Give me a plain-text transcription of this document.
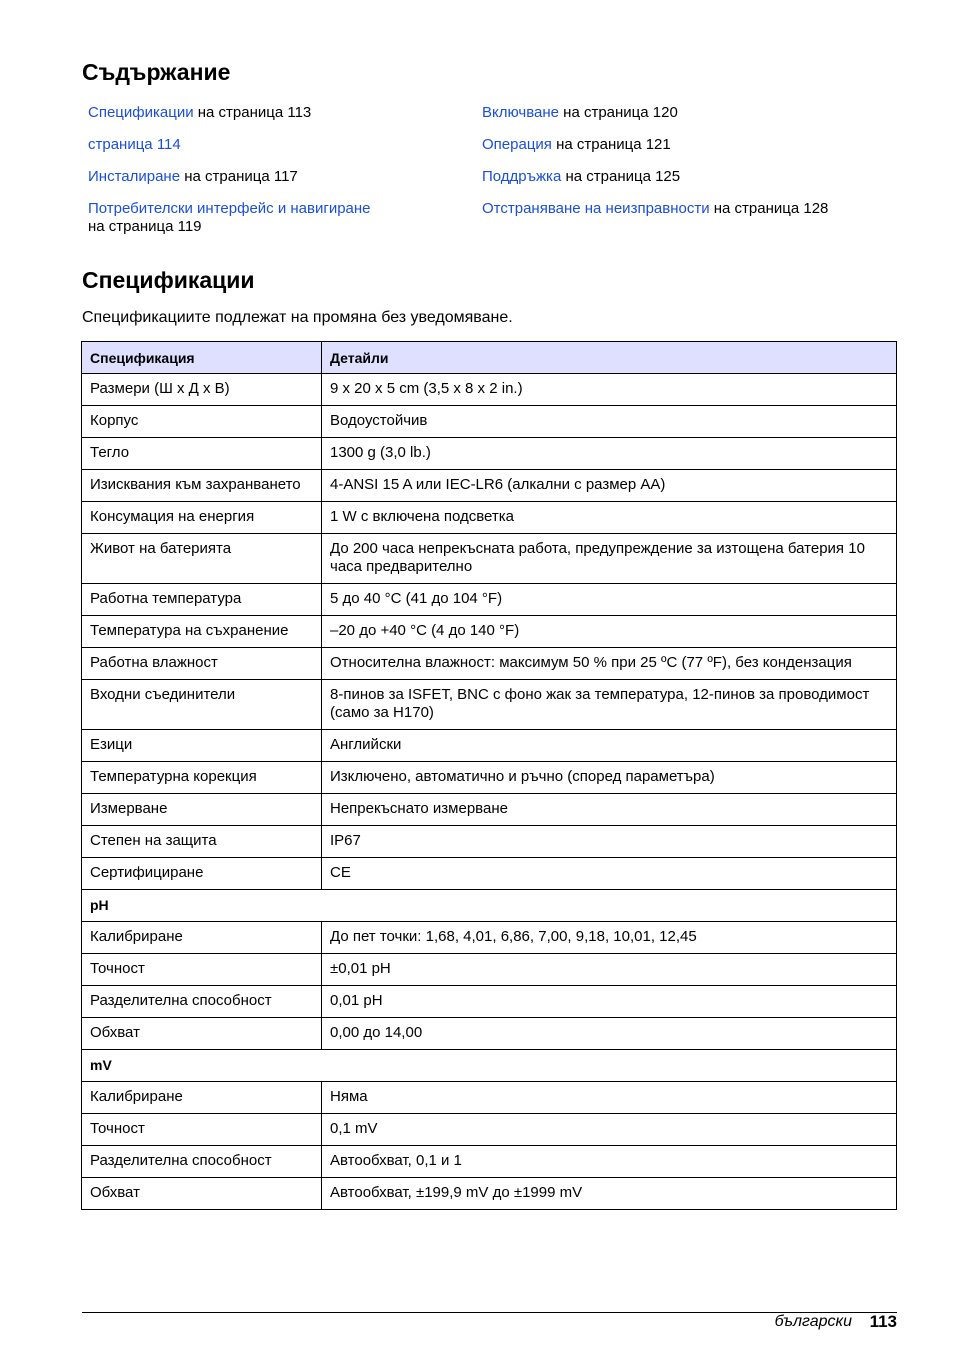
Съдържание
Спецификации на страница 113
страница 114
Инсталиране на страница 117
Потребителски интерфейс и навигиране
на страница 119
Включване на страница 120
Операция на страница 121
Поддръжка на страница 125
Отстраняване на неизправности на страница 128
Спецификации

Спецификациите подлежат на промяна без уведомяване.

Спецификация	Детайли
Размери (Ш х Д х В)	9 x 20 x 5 cm (3,5 x 8 x 2 in.)
Корпус	Водоустойчив
Тегло	1300 g (3,0 lb.)
Изисквания към захранването	4-ANSI 15 A или IEC-LR6 (алкални с размер AA)
Консумация на енергия	1 W с включена подсветка
Живот на батерията	До 200 часа непрекъсната работа, предупреждение за изтощена батерия 10 часа предварително
Работна температура	5 до 40 °C (41 до 104 °F)
Температура на съхранение	–20 до +40 °C (4 до 140 °F)
Работна влажност	Относителна влажност: максимум 50 % при 25 ºC (77 ºF), без кондензация
Входни съединители	8-пинов за ISFET, BNC с фоно жак за температура, 12-пинов за проводимост (само за H170)
Езици	Английски
Температурна корекция	Изключено, автоматично и ръчно (според параметъра)
Измерване	Непрекъснато измерване
Степен на защита	IP67
Сертифициране	CE
pH	
Калибриране	До пет точки: 1,68, 4,01, 6,86, 7,00, 9,18, 10,01, 12,45
Точност	±0,01 pH
Разделителна способност	0,01 pH
Обхват	0,00 до 14,00
mV	
Калибриране	Няма
Точност	0,1 mV
Разделителна способност	Автообхват, 0,1 и 1
Обхват	Автообхват, ±199,9 mV до ±1999 mV
български 113
